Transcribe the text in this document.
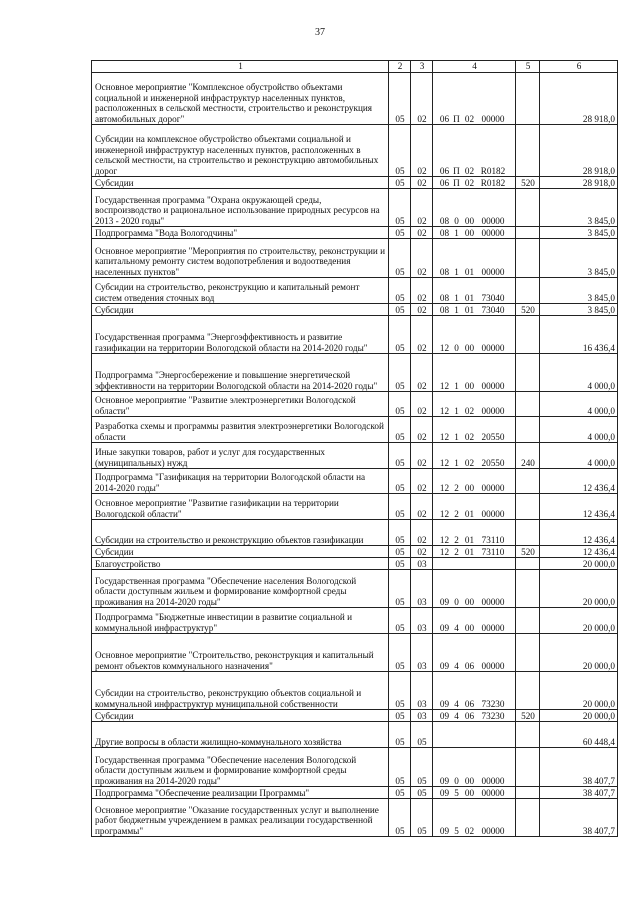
37
1	2	3	4	5	6
Основное мероприятие "Комплексное обустройство объектами социальной и инженерной инфраструктур населенных пунктов, расположенных в сельской местности, строительство и реконструкция автомобильных дорог"	05	02	06 П 02 00000		28 918,0
Субсидии на комплексное обустройство объектами социальной и инженерной инфраструктур населенных пунктов, расположенных в сельской местности, на строительство и реконструкцию автомобильных дорог	05	02	06 П 02 R0182		28 918,0
Субсидии	05	02	06 П 02 R0182	520	28 918,0
Государственная программа "Охрана окружающей среды, воспроизводство и рациональное использование природных ресурсов на 2013 - 2020 годы"	05	02	08 0 00 00000		3 845,0
Подпрограмма "Вода Вологодчины"	05	02	08 1 00 00000		3 845,0
Основное мероприятие "Мероприятия по строительству, реконструкции и капитальному ремонту систем водопотребления и водоотведения населенных пунктов"	05	02	08 1 01 00000		3 845,0
Субсидии на строительство, реконструкцию и капитальный ремонт систем отведения сточных вод	05	02	08 1 01 73040		3 845,0
Субсидии	05	02	08 1 01 73040	520	3 845,0
Государственная программа "Энергоэффективность и развитие газификации на территории Вологодской области на 2014-2020 годы"	05	02	12 0 00 00000		16 436,4
Подпрограмма "Энергосбережение и повышение энергетической эффективности на территории Вологодской области на 2014-2020 годы"	05	02	12 1 00 00000		4 000,0
Основное мероприятие "Развитие электроэнергетики Вологодской области"	05	02	12 1 02 00000		4 000,0
Разработка схемы и программы развития электроэнергетики Вологодской области	05	02	12 1 02 20550		4 000,0
Иные закупки товаров, работ и услуг для государственных (муниципальных) нужд	05	02	12 1 02 20550	240	4 000,0
Подпрограмма "Газификация на территории Вологодской области на 2014-2020 годы"	05	02	12 2 00 00000		12 436,4
Основное мероприятие "Развитие газификации на территории Вологодской области"	05	02	12 2 01 00000		12 436,4
Субсидии на строительство и реконструкцию объектов газификации	05	02	12 2 01 73110		12 436,4
Субсидии	05	02	12 2 01 73110	520	12 436,4
Благоустройство	05	03			20 000,0
Государственная программа "Обеспечение населения Вологодской области доступным жильем и формирование комфортной среды проживания на 2014-2020 годы"	05	03	09 0 00 00000		20 000,0
Подпрограмма "Бюджетные инвестиции в развитие социальной и коммунальной инфраструктур"	05	03	09 4 00 00000		20 000,0
Основное мероприятие "Строительство, реконструкция и капитальный ремонт объектов коммунального назначения"	05	03	09 4 06 00000		20 000,0
Субсидии на строительство, реконструкцию объектов социальной и коммунальной инфраструктур муниципальной собственности	05	03	09 4 06 73230		20 000,0
Субсидии	05	03	09 4 06 73230	520	20 000,0
Другие вопросы в области жилищно-коммунального хозяйства	05	05			60 448,4
Государственная программа "Обеспечение населения Вологодской области доступным жильем и формирование комфортной среды проживания на 2014-2020 годы"	05	05	09 0 00 00000		38 407,7
Подпрограмма "Обеспечение реализации Программы"	05	05	09 5 00 00000		38 407,7
Основное мероприятие "Оказание государственных услуг и выполнение работ бюджетным учреждением в рамках реализации государственной программы"	05	05	09 5 02 00000		38 407,7
